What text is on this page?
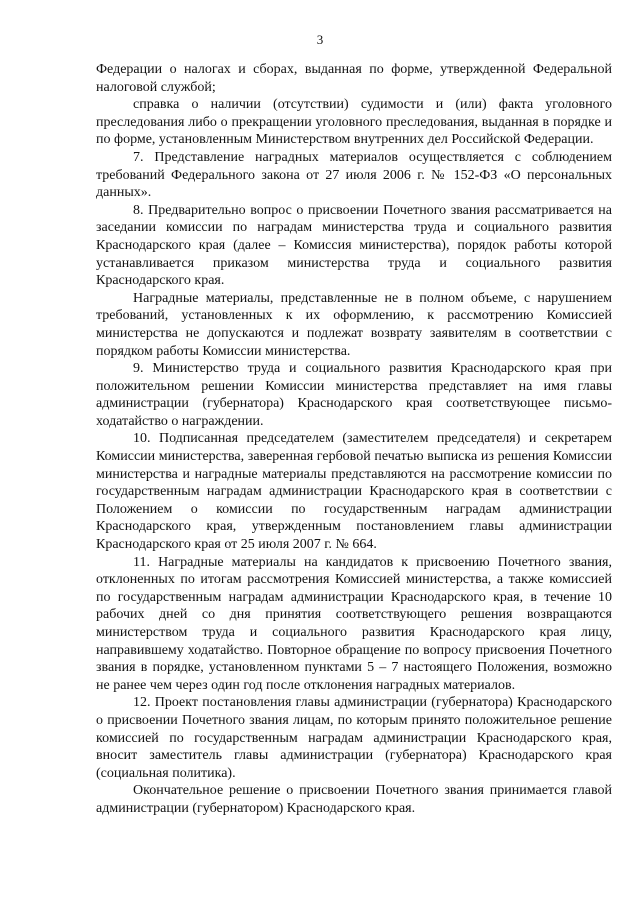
3

Федерации о налогах и сборах, выданная по форме, утвержденной Федеральной налоговой службой;

справка о наличии (отсутствии) судимости и (или) факта уголовного преследования либо о прекращении уголовного преследования, выданная в порядке и по форме, установленным Министерством внутренних дел Российской Федерации.

7. Представление наградных материалов осуществляется с соблюдением требований Федерального закона от 27 июля 2006 г. № 152-ФЗ «О персональных данных».

8. Предварительно вопрос о присвоении Почетного звания рассматривается на заседании комиссии по наградам министерства труда и социального развития Краснодарского края (далее – Комиссия министерства), порядок работы которой устанавливается приказом министерства труда и социального развития Краснодарского края.

Наградные материалы, представленные не в полном объеме, с нарушением требований, установленных к их оформлению, к рассмотрению Комиссией министерства не допускаются и подлежат возврату заявителям в соответствии с порядком работы Комиссии министерства.

9. Министерство труда и социального развития Краснодарского края при положительном решении Комиссии министерства представляет на имя главы администрации (губернатора) Краснодарского края соответствующее письмо-ходатайство о награждении.

10. Подписанная председателем (заместителем председателя) и секретарем Комиссии министерства, заверенная гербовой печатью выписка из решения Комиссии министерства и наградные материалы представляются на рассмотрение комиссии по государственным наградам администрации Краснодарского края в соответствии с Положением о комиссии по государственным наградам администрации Краснодарского края, утвержденным постановлением главы администрации Краснодарского края от 25 июля 2007 г. № 664.

11. Наградные материалы на кандидатов к присвоению Почетного звания, отклоненных по итогам рассмотрения Комиссией министерства, а также комиссией по государственным наградам администрации Краснодарского края, в течение 10 рабочих дней со дня принятия соответствующего решения возвращаются министерством труда и социального развития Краснодарского края лицу, направившему ходатайство. Повторное обращение по вопросу присвоения Почетного звания в порядке, установленном пунктами 5 – 7 настоящего Положения, возможно не ранее чем через один год после отклонения наградных материалов.

12. Проект постановления главы администрации (губернатора) Краснодарского о присвоении Почетного звания лицам, по которым принято положительное решение комиссией по государственным наградам администрации Краснодарского края, вносит заместитель главы администрации (губернатора) Краснодарского края (социальная политика).

Окончательное решение о присвоении Почетного звания принимается главой администрации (губернатором) Краснодарского края.
